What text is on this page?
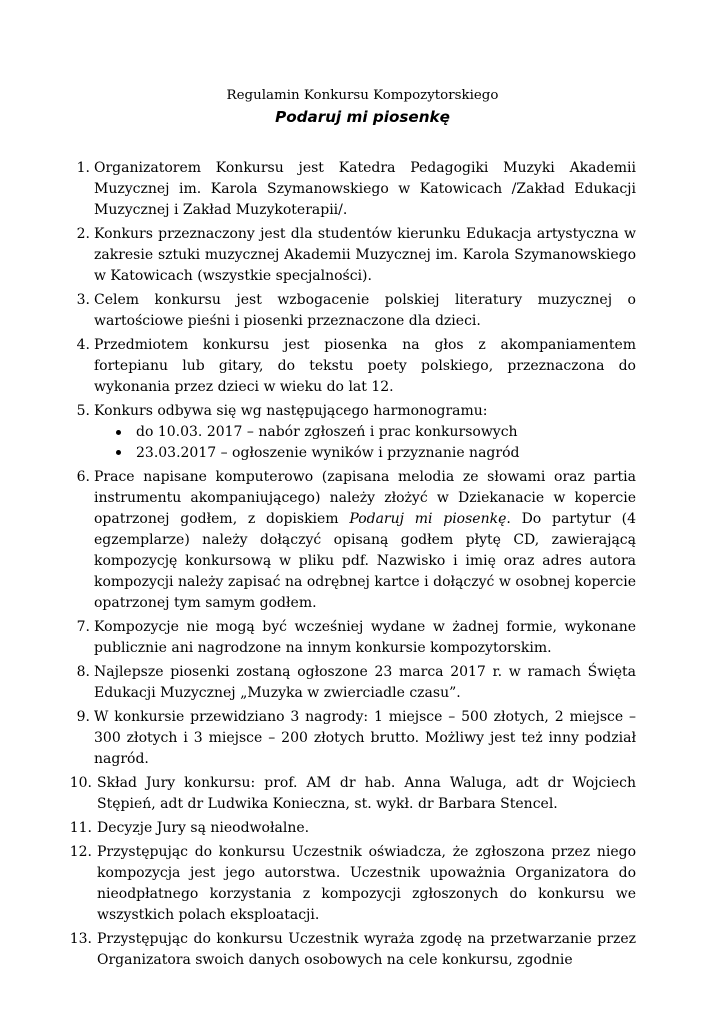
Regulamin Konkursu Kompozytorskiego
Podaruj mi piosenkę
1. Organizatorem Konkursu jest Katedra Pedagogiki Muzyki Akademii Muzycznej im. Karola Szymanowskiego w Katowicach /Zakład Edukacji Muzycznej i Zakład Muzykoterapii/.
2. Konkurs przeznaczony jest dla studentów kierunku Edukacja artystyczna w zakresie sztuki muzycznej Akademii Muzycznej im. Karola Szymanowskiego w Katowicach (wszystkie specjalności).
3. Celem konkursu jest wzbogacenie polskiej literatury muzycznej o wartościowe pieśni i piosenki przeznaczone dla dzieci.
4. Przedmiotem konkursu jest piosenka na głos z akompaniamentem fortepianu lub gitary, do tekstu poety polskiego, przeznaczona do wykonania przez dzieci w wieku do lat 12.
5. Konkurs odbywa się wg następującego harmonogramu:
do 10.03. 2017 – nabór zgłoszeń i prac konkursowych
23.03.2017 – ogłoszenie wyników i przyznanie nagród
6. Prace napisane komputerowo (zapisana melodia ze słowami oraz partia instrumentu akompaniującego) należy złożyć w Dziekanacie w kopercie opatrzonej godłem, z dopiskiem Podaruj mi piosenkę. Do partytur (4 egzemplarze) należy dołączyć opisaną godłem płytę CD, zawierającą kompozycję konkursową w pliku pdf. Nazwisko i imię oraz adres autora kompozycji należy zapisać na odrębnej kartce i dołączyć w osobnej kopercie opatrzonej tym samym godłem.
7. Kompozycje nie mogą być wcześniej wydane w żadnej formie, wykonane publicznie ani nagrodzone na innym konkursie kompozytorskim.
8. Najlepsze piosenki zostaną ogłoszone 23 marca 2017 r. w ramach Święta Edukacji Muzycznej „Muzyka w zwierciadle czasu”.
9. W konkursie przewidziano 3 nagrody: 1 miejsce – 500 złotych, 2 miejsce – 300 złotych i 3 miejsce – 200 złotych brutto. Możliwy jest też inny podział nagród.
10. Skład Jury konkursu: prof. AM dr hab. Anna Waluga, adt dr Wojciech Stępień, adt dr Ludwika Konieczna, st. wykł. dr Barbara Stencel.
11. Decyzje Jury są nieodwołalne.
12. Przystępując do konkursu Uczestnik oświadcza, że zgłoszona przez niego kompozycja jest jego autorstwa. Uczestnik upoważnia Organizatora do nieodpłatnego korzystania z kompozycji zgłoszonych do konkursu we wszystkich polach eksploatacji.
13. Przystępując do konkursu Uczestnik wyraża zgodę na przetwarzanie przez Organizatora swoich danych osobowych na cele konkursu, zgodnie
